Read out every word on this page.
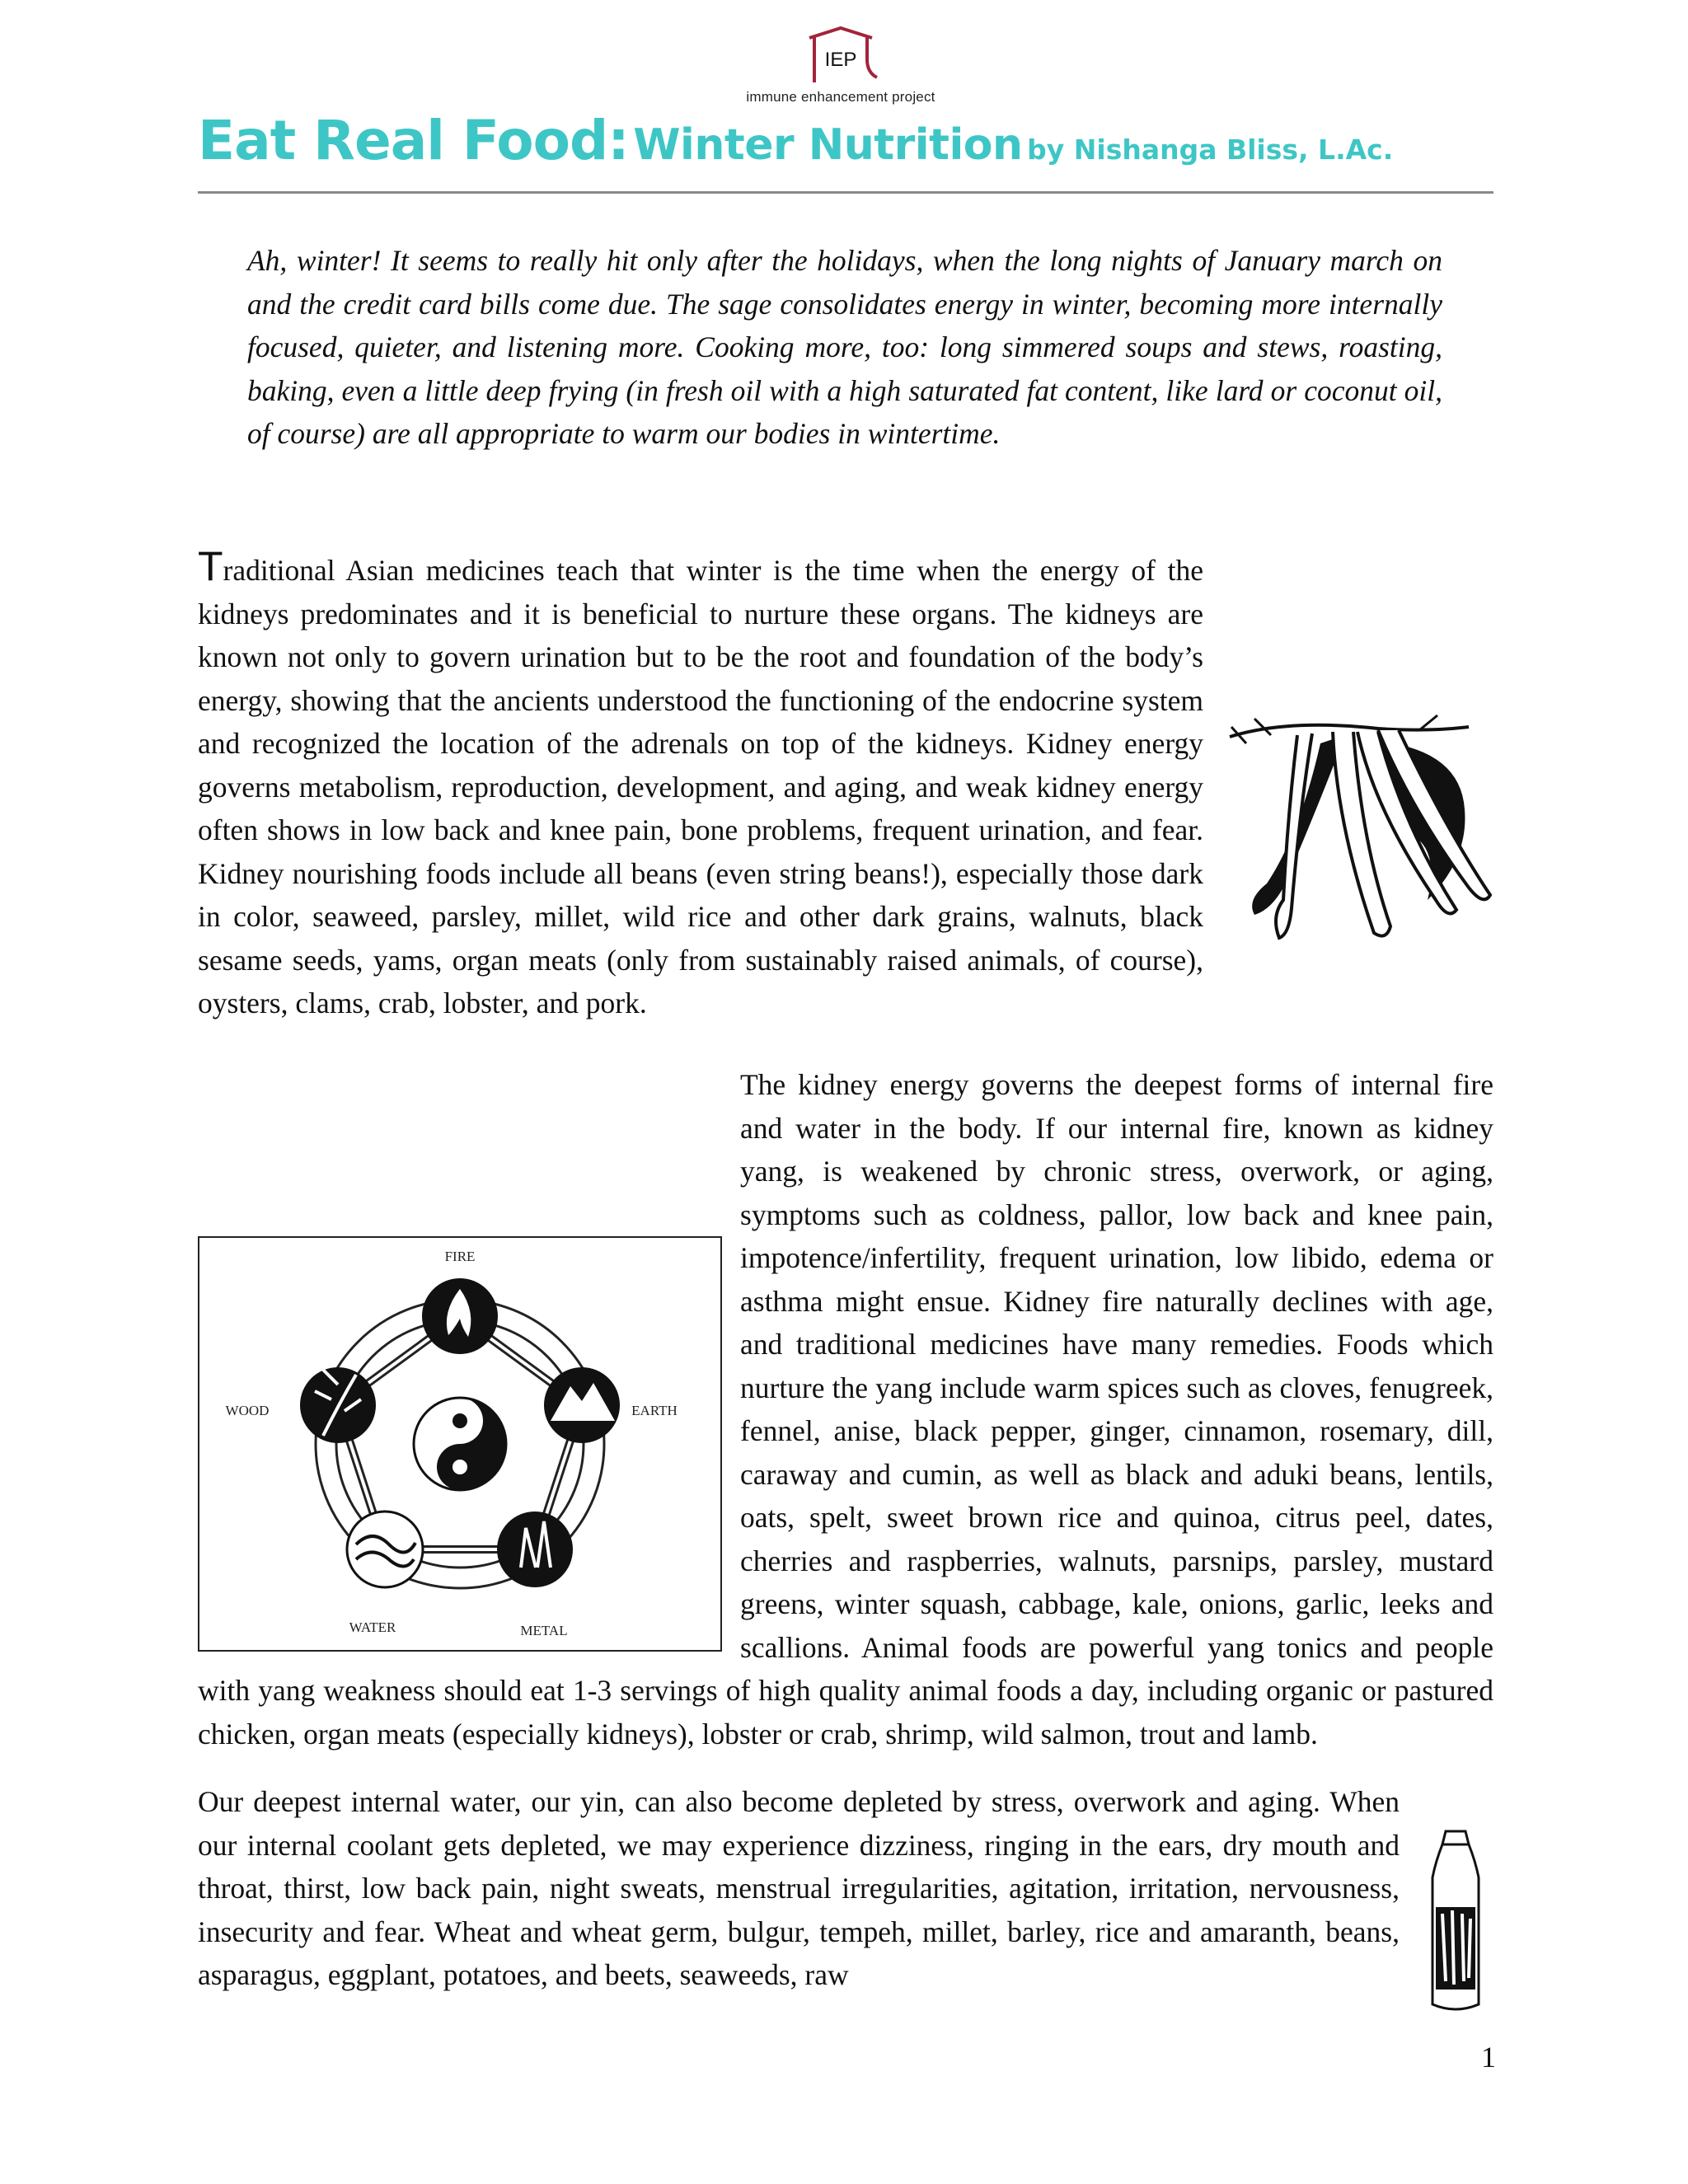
IEP
immune enhancement project
Eat Real Food: Winter Nutrition by Nishanga Bliss, L.Ac.
Ah, winter! It seems to really hit only after the holidays, when the long nights of January march on and the credit card bills come due. The sage consolidates energy in winter, becoming more internally focused, quieter, and listening more. Cooking more, too: long simmered soups and stews, roasting, baking, even a little deep frying (in fresh oil with a high saturated fat content, like lard or coconut oil, of course) are all appropriate to warm our bodies in wintertime.

Traditional Asian medicines teach that winter is the time when the energy of the kidneys predominates and it is beneficial to nurture these organs. The kidneys are known not only to govern urination but to be the root and foundation of the body’s energy, showing that the ancients understood the functioning of the endocrine system and recognized the location of the adrenals on top of the kidneys. Kidney energy governs metabolism, reproduction, development, and aging, and weak kidney energy often shows in low back and knee pain, bone problems, frequent urination, and fear. Kidney nourishing foods include all beans (even string beans!), especially those dark in color, seaweed, parsley, millet, wild rice and other dark grains, walnuts, black sesame seeds, yams, organ meats (only from sustainably raised animals, of course), oysters, clams, crab, lobster, and pork.

FIRE
WOOD	EARTH
WATER	METAL

The kidney energy governs the deepest forms of internal fire and water in the body. If our internal fire, known as kidney yang, is weakened by chronic stress, overwork, or aging, symptoms such as coldness, pallor, low back and knee pain, impotence/infertility, frequent urination, low libido, edema or asthma might ensue. Kidney fire naturally declines with age, and traditional medicines have many remedies. Foods which nurture the yang include warm spices such as cloves, fenugreek, fennel, anise, black pepper, ginger, cinnamon, rosemary, dill, caraway and cumin, as well as black and aduki beans, lentils, oats, spelt, sweet brown rice and quinoa, citrus peel, dates, cherries and raspberries, walnuts, parsnips, parsley, mustard greens, winter squash, cabbage, kale, onions, garlic, leeks and scallions. Animal foods are powerful yang tonics and people with yang weakness should eat 1-3 servings of high quality animal foods a day, including organic or pastured chicken, organ meats (especially kidneys), lobster or crab, shrimp, wild salmon, trout and lamb.

Our deepest internal water, our yin, can also become depleted by stress, overwork and aging. When our internal coolant gets depleted, we may experience dizziness, ringing in the ears, dry mouth and throat, thirst, low back pain, night sweats, menstrual irregularities, agitation, irritation, nervousness, insecurity and fear. Wheat and wheat germ, bulgur, tempeh, millet, barley, rice and amaranth, beans, asparagus, eggplant, potatoes, and beets, seaweeds, raw

1
